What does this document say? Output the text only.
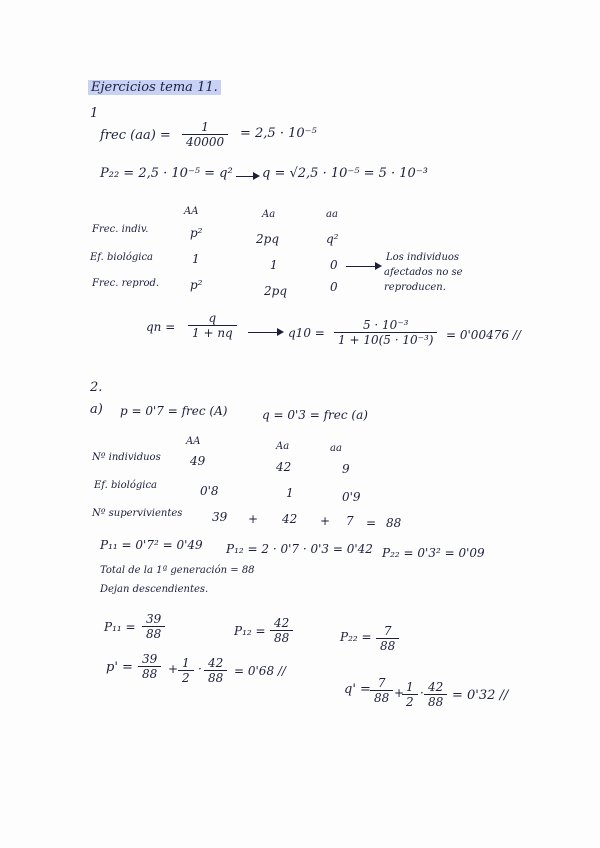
Ejercicios tema 11.
1
frec $(aa) = \frac{1}{40000} = 2,5 \cdot 10^{-5}$
P₂₂ = 2,5 · 10⁻⁵ = q² q = √2,5 · 10⁻⁵ = 5 · 10⁻³
AA	Aa	aa
Frec. indiv.	p²	2pq	q²
Ef. biológica	1	1	0
Los individuos
afectados no se
reproducen.
Frec. reprod.	p²	2pq	0
qn = $\frac{q}{1 + nq}$	$q10 = \frac{\text{5 · 10⁻³}}{\text{1 + 10(5 · 10⁻³)}} = 0'00476$ //
2.
a) p = 0'7 = frec (A)	q = 0'3 = frec (a)
AA	Aa	aa
Nº individuos 49	42	9
Ef. biológica	0'8	1	0'9
Nº supervivientes 39 + 42 + 7 = 88
P₁₁ = 0'7² = 0'49 P₁₂ = 2 · 0'7 · 0'3 = 0'42 P₂₂ = 0'3² = 0'09
Total de la 1ª generación = 88
Dejan descendientes.
$P_{11} = \frac{39}{88}$	$P_{12} = \frac{42}{88}$	$P_{22} = \frac{7}{88}$
$p' = \frac{39}{88} + \frac{1}{2} \cdot \frac{42}{88} = 0'68$ //
$q' = \frac{7}{88}$ +
$\frac{1}{2} \cdot \frac{42}{88} = 0'32$ //
